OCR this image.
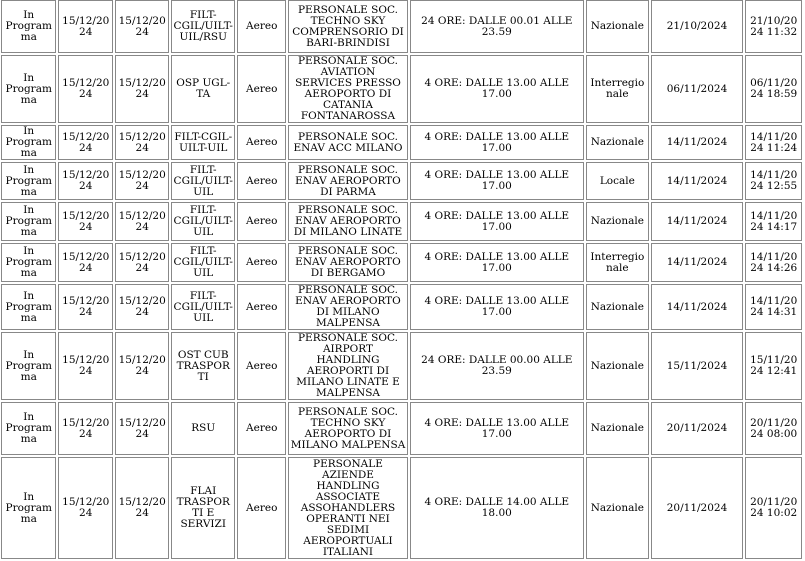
In Programma	15/12/2024	15/12/2024	FILT-CGIL/UILT-UIL/RSU	Aereo	PERSONALE SOC. TECHNO SKY COMPRENSORIO DI BARI-BRINDISI	24 ORE: DALLE 00.01 ALLE 23.59	Nazionale	21/10/2024	21/10/2024 11:32
In Programma	15/12/2024	15/12/2024	OSP UGL-TA	Aereo	PERSONALE SOC. AVIATION SERVICES PRESSO AEROPORTO DI CATANIA FONTANAROSSA	4 ORE: DALLE 13.00 ALLE 17.00	Interregionale	06/11/2024	06/11/2024 18:59
In Programma	15/12/2024	15/12/2024	FILT-CGIL-UILT-UIL	Aereo	PERSONALE SOC. ENAV ACC MILANO	4 ORE: DALLE 13.00 ALLE 17.00	Nazionale	14/11/2024	14/11/2024 11:24
In Programma	15/12/2024	15/12/2024	FILT-CGIL/UILT-UIL	Aereo	PERSONALE SOC. ENAV AEROPORTO DI PARMA	4 ORE: DALLE 13.00 ALLE 17.00	Locale	14/11/2024	14/11/2024 12:55
In Programma	15/12/2024	15/12/2024	FILT-CGIL/UILT-UIL	Aereo	PERSONALE SOC. ENAV AEROPORTO DI MILANO LINATE	4 ORE: DALLE 13.00 ALLE 17.00	Nazionale	14/11/2024	14/11/2024 14:17
In Programma	15/12/2024	15/12/2024	FILT-CGIL/UILT-UIL	Aereo	PERSONALE SOC. ENAV AEROPORTO DI BERGAMO	4 ORE: DALLE 13.00 ALLE 17.00	Interregionale	14/11/2024	14/11/2024 14:26
In Programma	15/12/2024	15/12/2024	FILT-CGIL/UILT-UIL	Aereo	PERSONALE SOC. ENAV AEROPORTO DI MILANO MALPENSA	4 ORE: DALLE 13.00 ALLE 17.00	Nazionale	14/11/2024	14/11/2024 14:31
In Programma	15/12/2024	15/12/2024	OST CUB TRASPORTI	Aereo	PERSONALE SOC. AIRPORT HANDLING AEROPORTI DI MILANO LINATE E MALPENSA	24 ORE: DALLE 00.00 ALLE 23.59	Nazionale	15/11/2024	15/11/2024 12:41
In Programma	15/12/2024	15/12/2024	RSU	Aereo	PERSONALE SOC. TECHNO SKY AEROPORTO DI MILANO MALPENSA	4 ORE: DALLE 13.00 ALLE 17.00	Nazionale	20/11/2024	20/11/2024 08:00
In Programma	15/12/2024	15/12/2024	FLAI TRASPORTI E SERVIZI	Aereo	PERSONALE AZIENDE HANDLING ASSOCIATE ASSOHANDLERS OPERANTI NEI SEDIMI AEROPORTUALI ITALIANI	4 ORE: DALLE 14.00 ALLE 18.00	Nazionale	20/11/2024	20/11/2024 10:02
